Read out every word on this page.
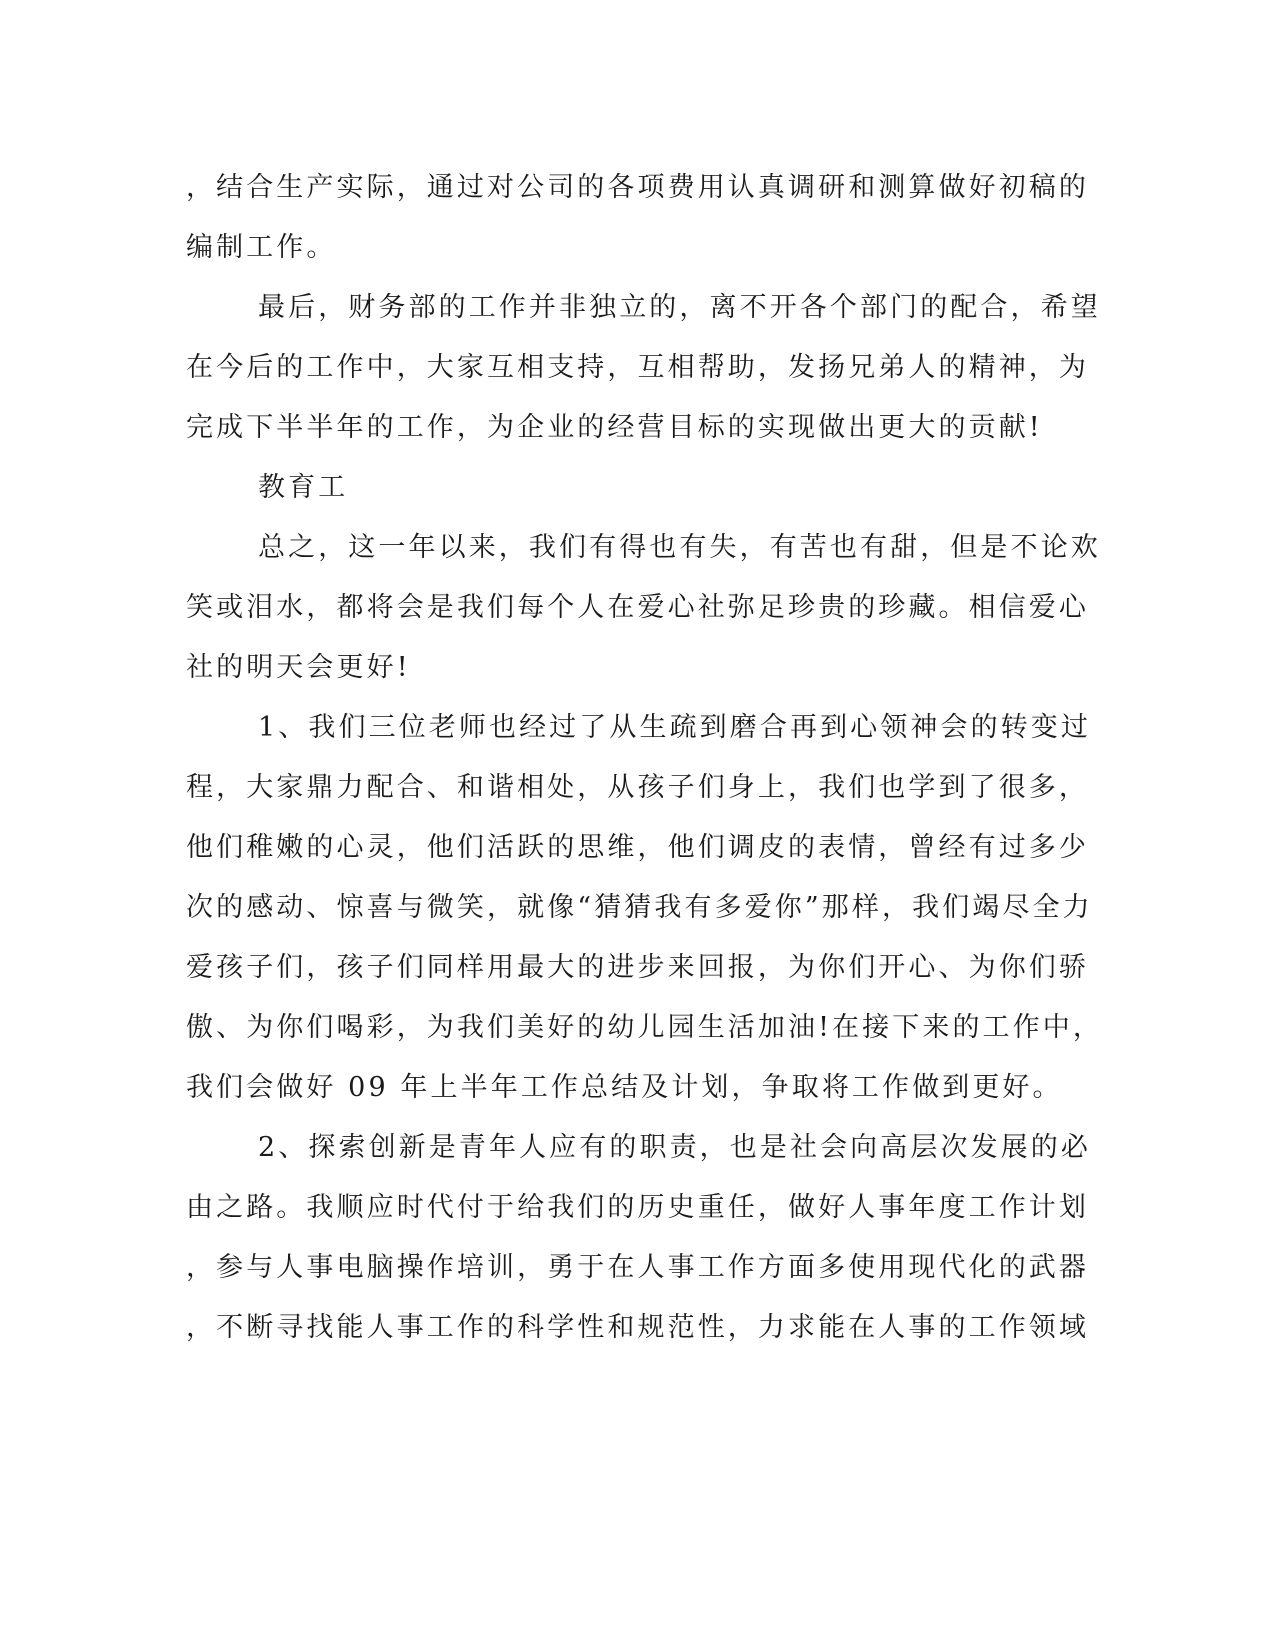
，结合生产实际，通过对公司的各项费用认真调研和测算做好初稿的
编制工作。
最后，财务部的工作并非独立的，离不开各个部门的配合，希望
在今后的工作中，大家互相支持，互相帮助，发扬兄弟人的精神，为
完成下半半年的工作，为企业的经营目标的实现做出更大的贡献!
教育工
总之，这一年以来，我们有得也有失，有苦也有甜，但是不论欢
笑或泪水，都将会是我们每个人在爱心社弥足珍贵的珍藏。相信爱心
社的明天会更好!
1、我们三位老师也经过了从生疏到磨合再到心领神会的转变过
程，大家鼎力配合、和谐相处，从孩子们身上，我们也学到了很多，
他们稚嫩的心灵，他们活跃的思维，他们调皮的表情，曾经有过多少
次的感动、惊喜与微笑，就像“猜猜我有多爱你”那样，我们竭尽全力
爱孩子们，孩子们同样用最大的进步来回报，为你们开心、为你们骄
傲、为你们喝彩，为我们美好的幼儿园生活加油!在接下来的工作中，
我们会做好 09 年上半年工作总结及计划，争取将工作做到更好。
2、探索创新是青年人应有的职责，也是社会向高层次发展的必
由之路。我顺应时代付于给我们的历史重任，做好人事年度工作计划
，参与人事电脑操作培训，勇于在人事工作方面多使用现代化的武器
，不断寻找能人事工作的科学性和规范性，力求能在人事的工作领域
